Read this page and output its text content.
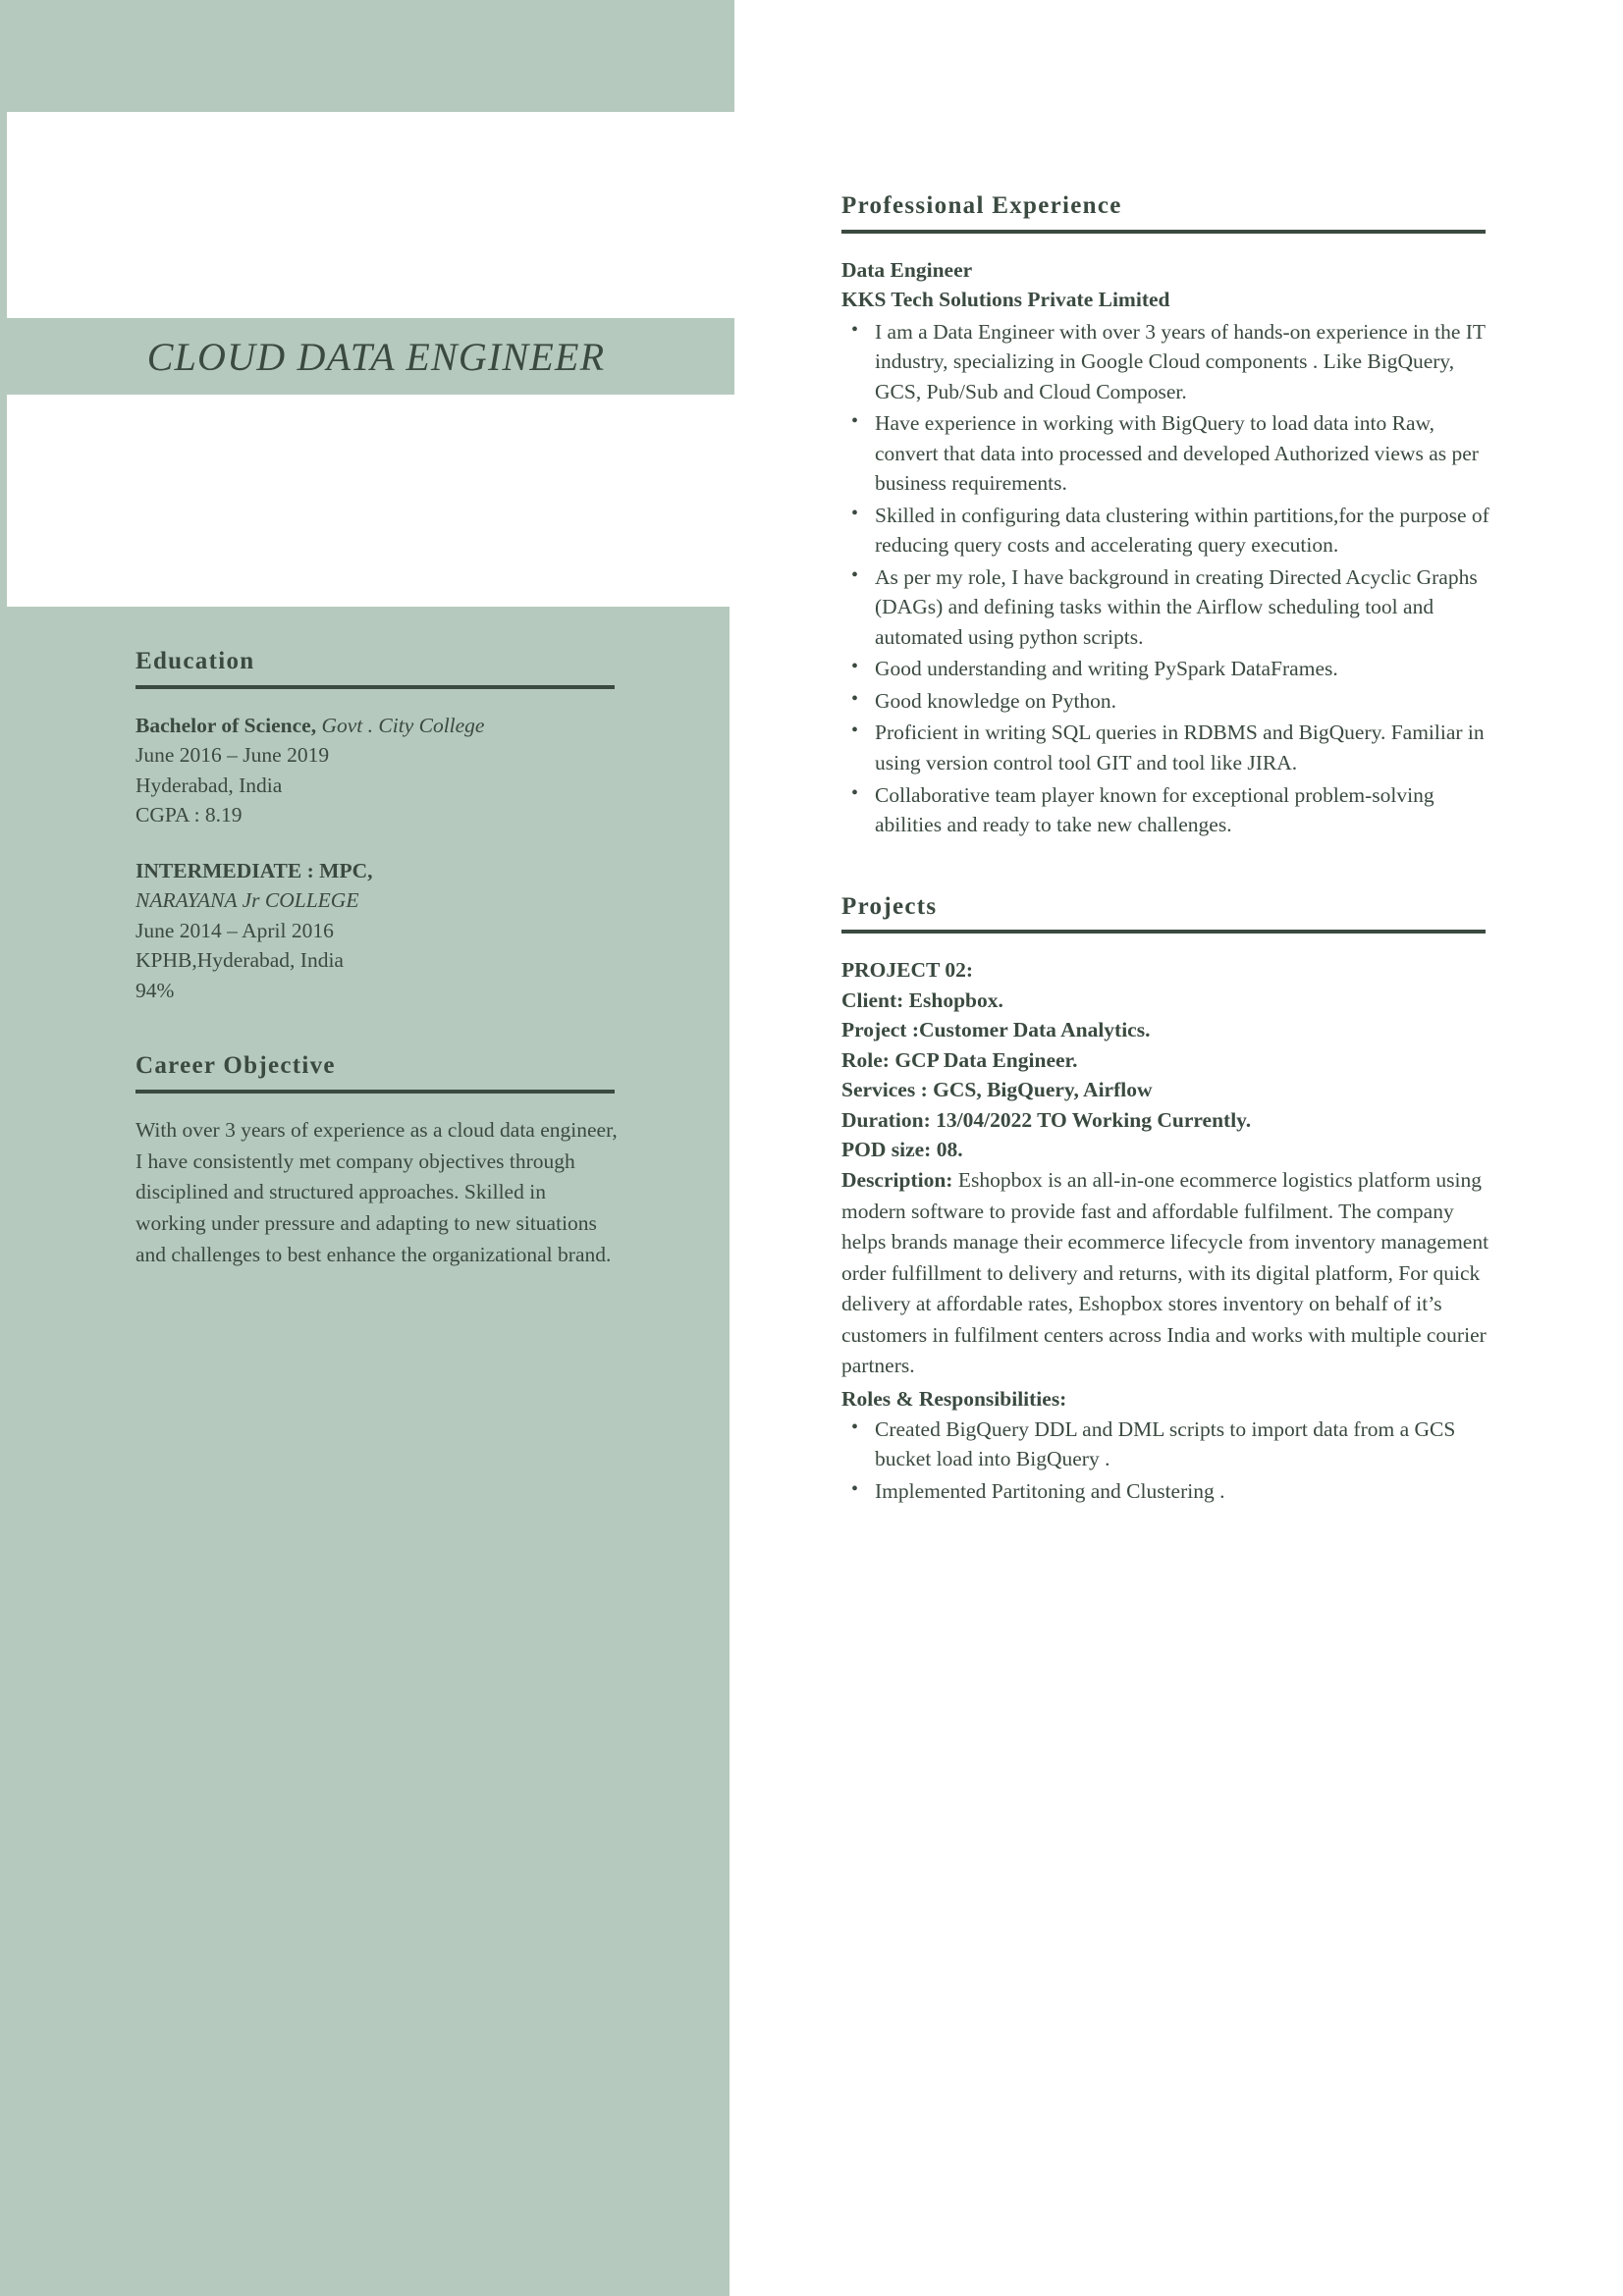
CLOUD DATA ENGINEER
Education
Bachelor of Science, Govt . City College
June 2016 – June 2019
Hyderabad, India
CGPA : 8.19
INTERMEDIATE : MPC,
NARAYANA Jr COLLEGE
June 2014 – April 2016
KPHB,Hyderabad, India
94%
Career Objective

With over 3 years of experience as a cloud data engineer, I have consistently met company objectives through disciplined and structured approaches. Skilled in working under pressure and adapting to new situations and challenges to best enhance the organizational brand.

Professional Experience
Data Engineer
KKS Tech Solutions Private Limited
• I am a Data Engineer with over 3 years of hands-on experience in the IT industry, specializing in Google Cloud components . Like BigQuery, GCS, Pub/Sub and Cloud Composer.
• Have experience in working with BigQuery to load data into Raw, convert that data into processed and developed Authorized views as per business requirements.
• Skilled in configuring data clustering within partitions,for the purpose of reducing query costs and accelerating query execution.
• As per my role, I have background in creating Directed Acyclic Graphs (DAGs) and defining tasks within the Airflow scheduling tool and automated using python scripts.
• Good understanding and writing PySpark DataFrames.
• Good knowledge on Python.
• Proficient in writing SQL queries in RDBMS and BigQuery. Familiar in using version control tool GIT and tool like JIRA.
• Collaborative team player known for exceptional problem-solving abilities and ready to take new challenges.
Projects
PROJECT 02:
Client: Eshopbox.
Project :Customer Data Analytics.
Role: GCP Data Engineer.
Services : GCS, BigQuery, Airflow
Duration: 13/04/2022 TO Working Currently.
POD size: 08.

Description: Eshopbox is an all-in-one ecommerce logistics platform using modern software to provide fast and affordable fulfilment. The company helps brands manage their ecommerce lifecycle from inventory management order fulfillment to delivery and returns, with its digital platform, For quick delivery at affordable rates, Eshopbox stores inventory on behalf of it’s customers in fulfilment centers across India and works with multiple courier partners.

Roles & Responsibilities:
• Created BigQuery DDL and DML scripts to import data from a GCS bucket load into BigQuery .
• Implemented Partitoning and Clustering .
